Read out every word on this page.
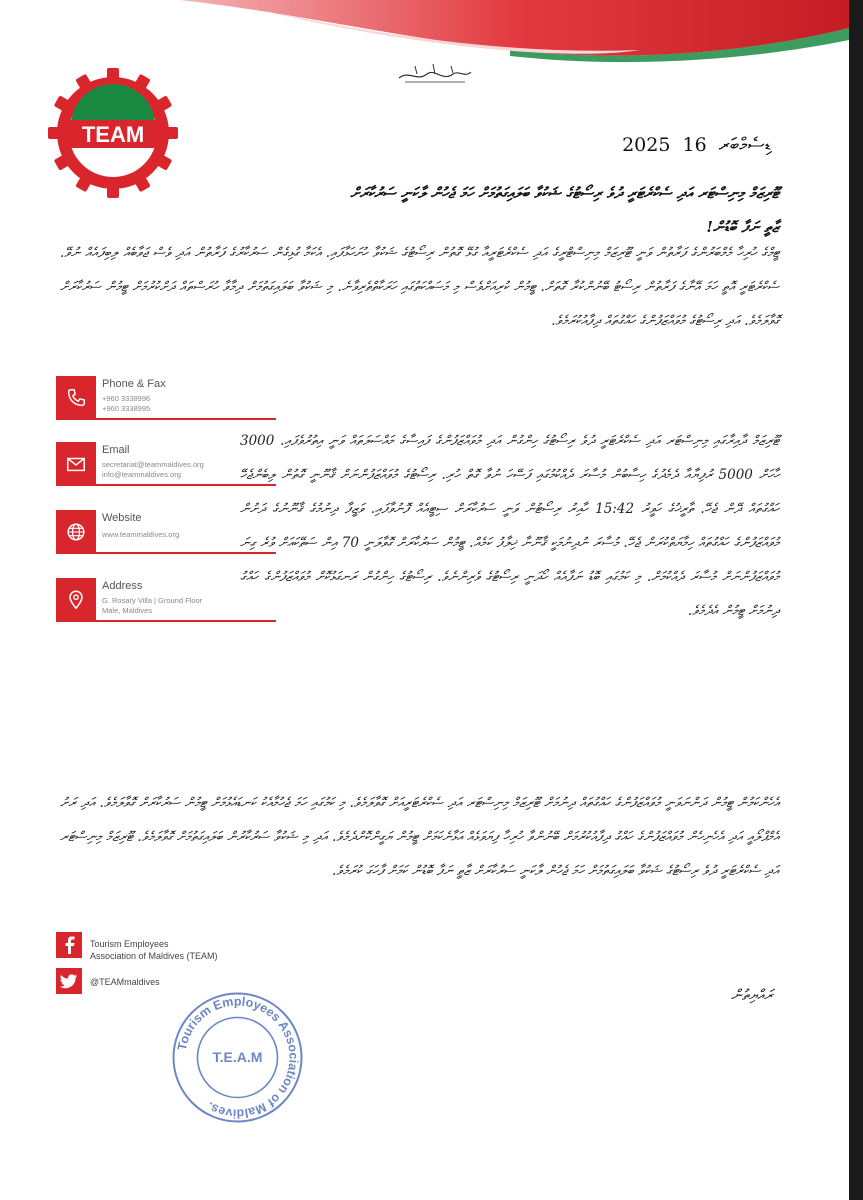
TEAM	2025	ޑިސެމްބަރ 16
ޓޫރިޒަމް މިނިސްޓަރ އަދި ސެކްރެޓަރީ ދުވެ ރިސޯޓުގެ ޝަކުވާ ބަލައިގަތުމަށް ހަމަ ޖެހުން ލާކަނީ ސަރުކާރަށް
ޒާތީ ނަފާ ބޮޑުން!
ޓީމްގެ ހުރިހާ މެމްބަރުންގެ ފަރާތުން ވަނީ ޓޫރިޒަމް މިނިސްޓްރީގެ އަދި ސެކްރެޓަރީއާ ގުޅޭ ގޮތުން ރިސޯޓުގެ ޝަކުވާ ހުށަހަޅާފައި. އެކަމާ ގުޅިގެން ސަރުކާރުގެ ފަރާތުން އަދި ވެސް ޖަވާބެއް ލިބިފައެއް ނުވޭ. ސެކްރެޓަރީ އޮތީ ހަމަ އޭނާގެ ފަރާތުން ރިސޯޓު ބޭނުންކުރާ ގޮތަށް. ޓީމުން ކުރިއަށްވެސް މި މަސައްކަތުގައި ހަރަކާތްތެރިވާނެ. މި ޝަކުވާ ބަލައިގަތުމަށް ދިމާވާ ހުރަސްތައް ދަށްކުރުމަށް ޓީމުން ސަރުކާރަށް ގޮވާލަމެވެ. އަދި ރިސޯޓުގެ މުވައްޒަފުންގެ ހައްގުތައް ދިފާއުކުރަމެވެ.
ޓޫރިޒަމް ދާއިރާގައި މިނިސްޓަރ އަދި ސެކްރެޓަރީ ދުވެ ރިސޯޓުގެ ހިންގުން އަދި މުވައްޒަފުންގެ ފައިސާގެ މައްސަލަތައް ވަނީ އިތުރުވެފައި. 3000 ހާހަށް 5000 ރުފިޔާއާ ދެމެދުގެ ހިސާބުން މުސާރަ ދެއްކުމުގައި ފަސޭހަ ނުވާ ގޮތް ހުރި. ރިސޯޓުގެ މުވައްޒަފުންނަށް ޤާނޫނީ ގޮތުން ލިބެންޖެހޭ ހައްގުތައް ދޭން ޖެހޭ. ތާރީޚުގެ ހަވީރު 15:42 ހާއިރު ރިސޯޓުން ވަނީ ސަރުކާރަށް ސިޓީއެއް ފޮނުވާފައި. ވަޒީފާ ދިނުމުގެ ޤާނޫނުގެ ދަށުން މުވައްޒަފުންގެ ހައްގުތައް ހިމާޔަތްކުރަން ޖެހޭ. މުސާރަ ނުދިނުމަކީ ޤާނޫނާ ޚިލާފު ކަމެއް. ޓީމުން ސަރުކާރަށް ގޮވާލަނީ 70 އިން ސަތޭކައަށް ވުރެ ގިނަ މުވައްޒަފުންނަށް މުސާރަ ދެއްކުމަށް. މި ކަމުގައި ބޮޑު ނަފާއެއް ހޯދަނީ ރިސޯޓުގެ ވެރިންނެވެ. ރިސޯޓުގެ ހިންގުން ރަނގަޅުކޮށް މުވައްޒަފުންގެ ހައްގު ދިނުމަށް ޓީމުން އެދެމެވެ.
އެހެންކަމުން ޓީމުން ދަންނަވަނީ މުވައްޒަފުންގެ ހައްގުތައް ދިނުމަށް ޓޫރިޒަމް މިނިސްޓަރ އަދި ސެކްރެޓަރީއަށް ގޮވާލަމެވެ. މި ކަމުގައި ހަމަ ޖެހުމާއެކު ކަނޑައެޅުމަށް ޓީމުން ސަރުކާރަށް ގޮވާލަމެވެ. އަދި ރަށު އެމްޕްލޯއީ އަދި އެހެނިހެން މުވައްޒަފުންގެ ހައްގު ދިފާއުކުރުމަށް ބޭނުންވާ ހުރިހާ ފިޔަވަޅެއް އަޅާނެކަމަށް ޓީމުން ޔަގީންކޮށްދެމެވެ. އަދި މި ޝަކުވާ ސަރުކާރުން ބަލައިގަތުމަށް ގޮވާލަމެވެ. ޓޫރިޒަމް މިނިސްޓަރ އަދި ސެކްރެޓަރީ ދުވެ ރިސޯޓުގެ ޝަކުވާ ބަލައިގަތުމަށް ހަމަ ޖެހުން ލާކަނީ ސަރުކާރަށް ޒާތީ ނަފާ ބޮޑުން ކަމަށް ފާހަގަ ކުރަމެވެ.
ރައްޔިތުން
Phone & Fax
+960 3338996
+960 3338995
Email
secretariat@teammaldives.org
info@teammaldives.org
Website
www.teammaldives.org
Address
G. Rosary Villa | Ground Floor
Male, Maldives
Tourism Employees
Association of Maldives (TEAM)
@TEAMmaldives
Tourism Employees Association of Maldives.
T.E.A.M
